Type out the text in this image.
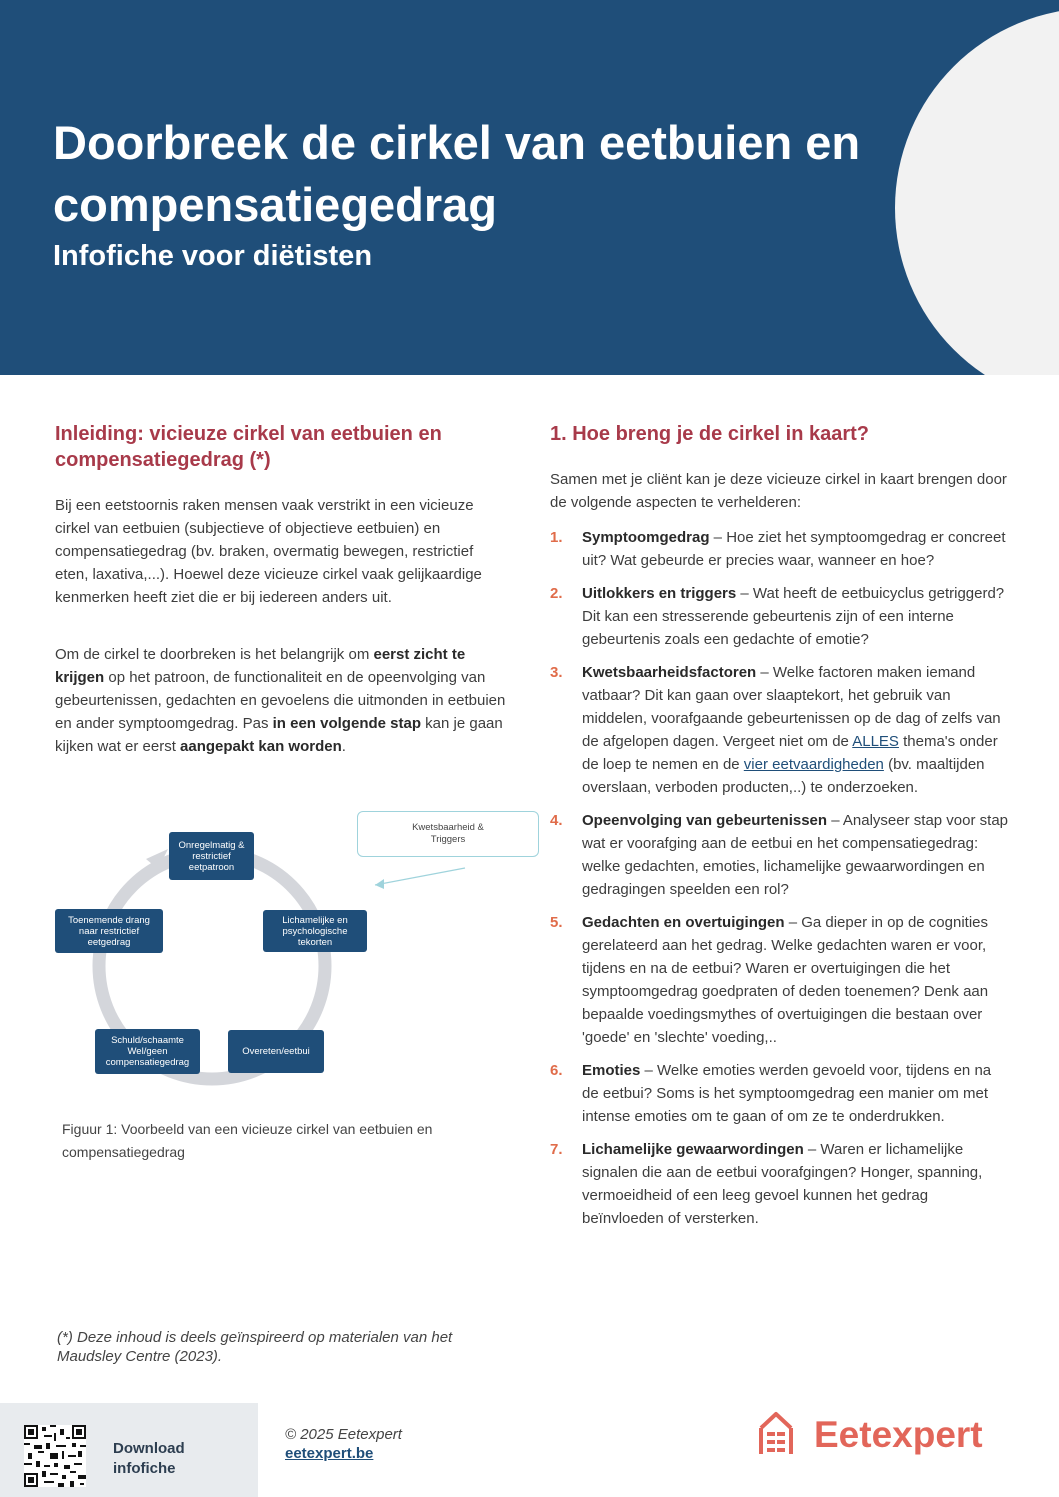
Doorbreek de cirkel van eetbuien en compensatiegedrag
Infofiche voor diëtisten
Inleiding: vicieuze cirkel van eetbuien en compensatiegedrag (*)

Bij een eetstoornis raken mensen vaak verstrikt in een vicieuze cirkel van eetbuien (subjectieve of objectieve eetbuien) en compensatiegedrag (bv. braken, overmatig bewegen, restrictief eten, laxativa,...). Hoewel deze vicieuze cirkel vaak gelijkaardige kenmerken heeft ziet die er bij iedereen anders uit.

Om de cirkel te doorbreken is het belangrijk om eerst zicht te krijgen op het patroon, de functionaliteit en de opeenvolging van gebeurtenissen, gedachten en gevoelens die uitmonden in eetbuien en ander symptoomgedrag. Pas in een volgende stap kan je gaan kijken wat er eerst aangepakt kan worden.

Onregelmatig & restrictief eetpatroon
Lichamelijke en psychologische tekorten
Overeten/eetbui
Schuld/schaamte Wel/geen compensatiegedrag
Toenemende drang naar restrictief eetgedrag
Kwetsbaarheid & Triggers
Figuur 1: Voorbeeld van een vicieuze cirkel van eetbuien en compensatiegedrag
(*) Deze inhoud is deels geïnspireerd op materialen van het Maudsley Centre (2023).
1. Hoe breng je de cirkel in kaart?

Samen met je cliënt kan je deze vicieuze cirkel in kaart brengen door de volgende aspecten te verhelderen:

1. Symptoomgedrag – Hoe ziet het symptoomgedrag er concreet uit? Wat gebeurde er precies waar, wanneer en hoe?
2. Uitlokkers en triggers – Wat heeft de eetbuicyclus getriggerd? Dit kan een stresserende gebeurtenis zijn of een interne gebeurtenis zoals een gedachte of emotie?
3. Kwetsbaarheidsfactoren – Welke factoren maken iemand vatbaar? Dit kan gaan over slaaptekort, het gebruik van middelen, voorafgaande gebeurtenissen op de dag of zelfs van de afgelopen dagen. Vergeet niet om de ALLES thema's onder de loep te nemen en de vier eetvaardigheden (bv. maaltijden overslaan, verboden producten,..) te onderzoeken.
4. Opeenvolging van gebeurtenissen – Analyseer stap voor stap wat er voorafging aan de eetbui en het compensatiegedrag: welke gedachten, emoties, lichamelijke gewaarwordingen en gedragingen speelden een rol?
5. Gedachten en overtuigingen – Ga dieper in op de cognities gerelateerd aan het gedrag. Welke gedachten waren er voor, tijdens en na de eetbui? Waren er overtuigingen die het symptoomgedrag goedpraten of deden toenemen? Denk aan bepaalde voedingsmythes of overtuigingen die bestaan over 'goede' en 'slechte' voeding,..
6. Emoties – Welke emoties werden gevoeld voor, tijdens en na de eetbui? Soms is het symptoomgedrag een manier om met intense emoties om te gaan of om ze te onderdrukken.
7. Lichamelijke gewaarwordingen – Waren er lichamelijke signalen die aan de eetbui voorafgingen? Honger, spanning, vermoeidheid of een leeg gevoel kunnen het gedrag beïnvloeden of versterken.
Download infofiche
© 2025 Eetexpert
eetexpert.be	Eetexpert
